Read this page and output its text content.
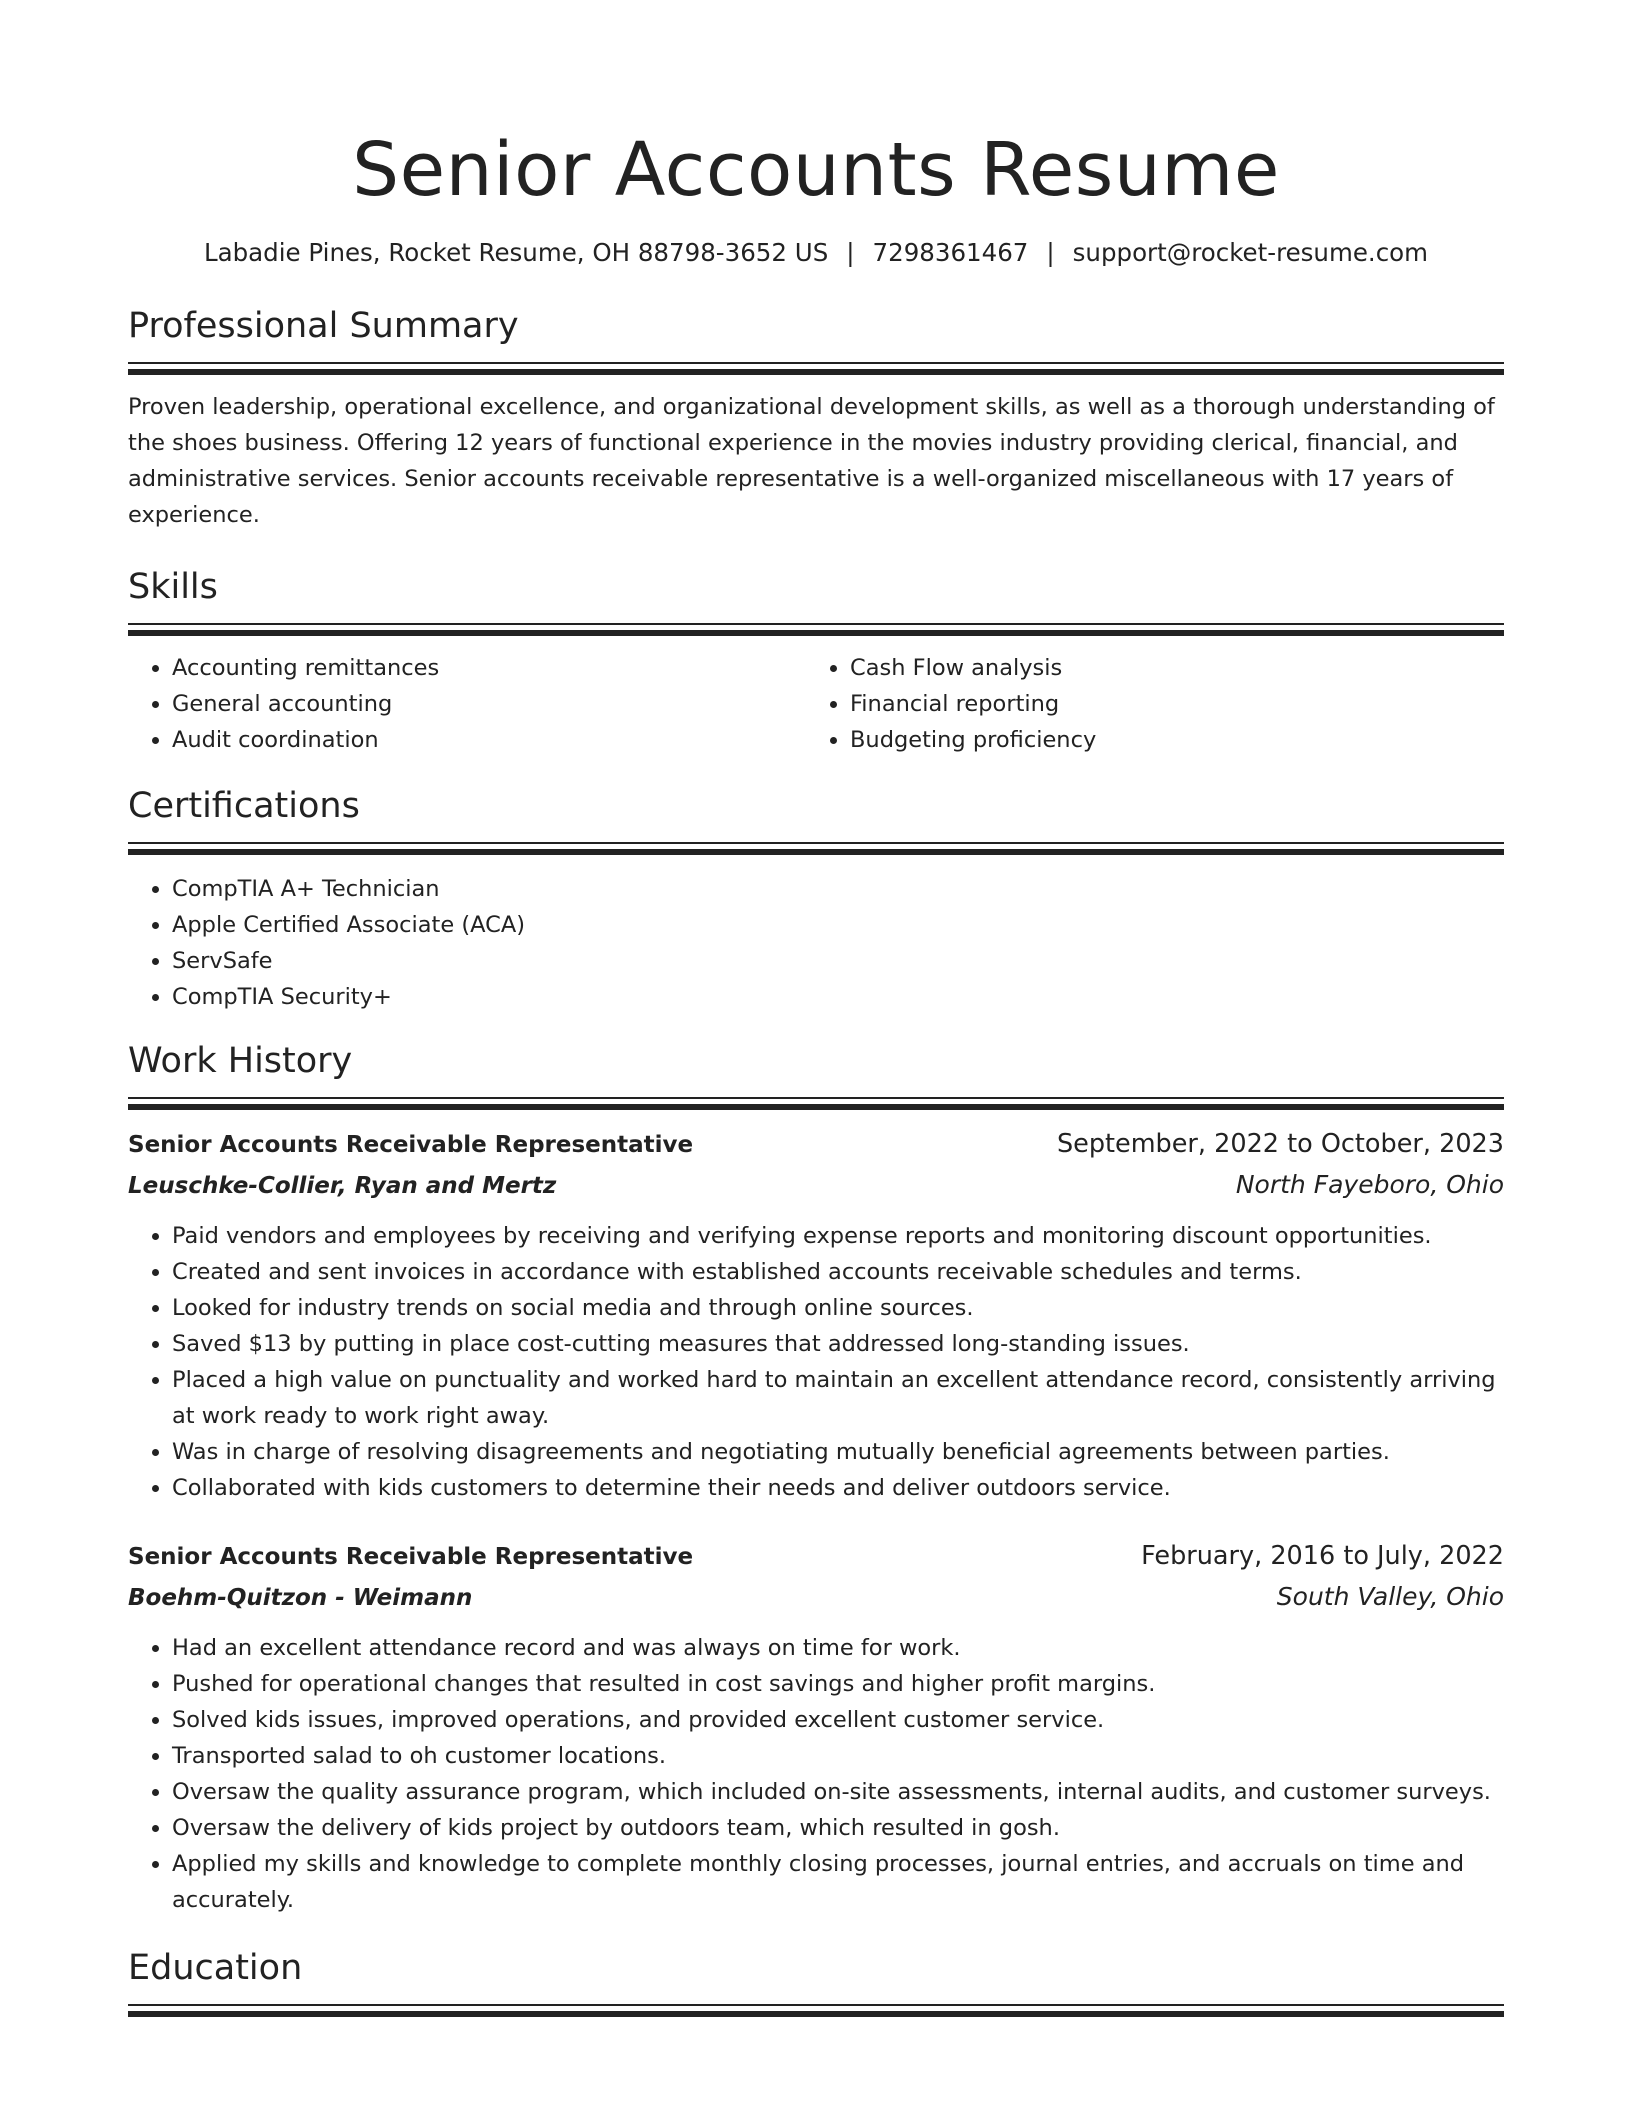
Senior Accounts Resume
Labadie Pines, Rocket Resume, OH 88798-3652 US | 7298361467 | support@rocket-resume.com
Professional Summary

Proven leadership, operational excellence, and organizational development skills, as well as a thorough understanding of the shoes business. Offering 12 years of functional experience in the movies industry providing clerical, financial, and administrative services. Senior accounts receivable representative is a well-organized miscellaneous with 17 years of experience.

Skills
• Accounting remittances
• General accounting
• Audit coordination
• Cash Flow analysis
• Financial reporting
• Budgeting proficiency
Certifications
• CompTIA A+ Technician
• Apple Certified Associate (ACA)
• ServSafe
• CompTIA Security+
Work History
Senior Accounts Receivable Representative	September, 2022 to October, 2023
Leuschke-Collier, Ryan and Mertz	North Fayeboro, Ohio
• Paid vendors and employees by receiving and verifying expense reports and monitoring discount opportunities.
• Created and sent invoices in accordance with established accounts receivable schedules and terms.
• Looked for industry trends on social media and through online sources.
• Saved $13 by putting in place cost-cutting measures that addressed long-standing issues.
• Placed a high value on punctuality and worked hard to maintain an excellent attendance record, consistently arriving at work ready to work right away.
• Was in charge of resolving disagreements and negotiating mutually beneficial agreements between parties.
• Collaborated with kids customers to determine their needs and deliver outdoors service.
Senior Accounts Receivable Representative	February, 2016 to July, 2022
Boehm-Quitzon - Weimann	South Valley, Ohio
• Had an excellent attendance record and was always on time for work.
• Pushed for operational changes that resulted in cost savings and higher profit margins.
• Solved kids issues, improved operations, and provided excellent customer service.
• Transported salad to oh customer locations.
• Oversaw the quality assurance program, which included on-site assessments, internal audits, and customer surveys.
• Oversaw the delivery of kids project by outdoors team, which resulted in gosh.
• Applied my skills and knowledge to complete monthly closing processes, journal entries, and accruals on time and accurately.
Education
